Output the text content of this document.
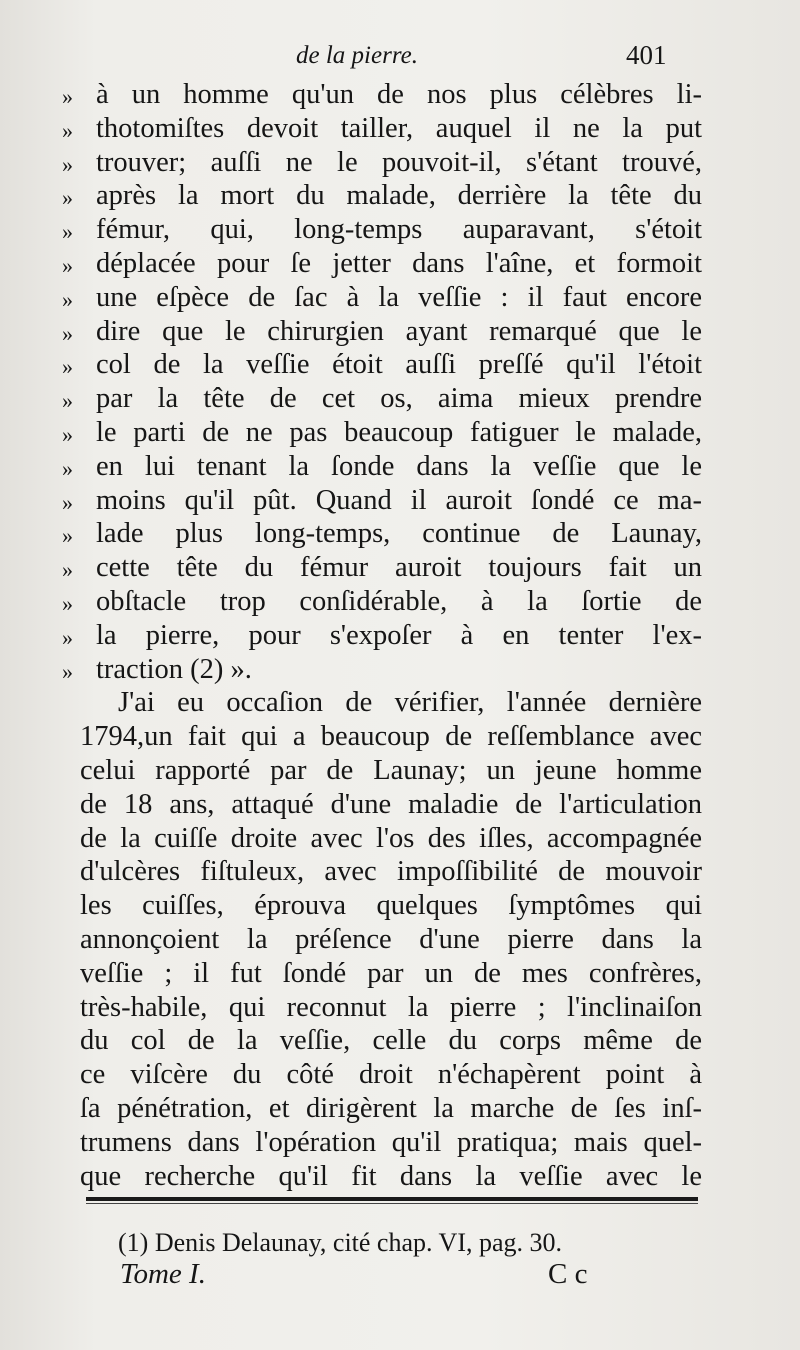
de la pierre.	401
» à un homme qu'un de nos plus célèbres li-
» thotomiſtes devoit tailler, auquel il ne la put
» trouver; auſſi ne le pouvoit-il, s'étant trouvé,
» après la mort du malade, derrière la tête du
» fémur, qui, long-temps auparavant, s'étoit
» déplacée pour ſe jetter dans l'aîne, et formoit
» une eſpèce de ſac à la veſſie : il faut encore
» dire que le chirurgien ayant remarqué que le
» col de la veſſie étoit auſſi preſſé qu'il l'étoit
» par la tête de cet os, aima mieux prendre
» le parti de ne pas beaucoup fatiguer le malade,
» en lui tenant la ſonde dans la veſſie que le
» moins qu'il pût. Quand il auroit ſondé ce ma-
» lade plus long-temps, continue de Launay,
» cette tête du fémur auroit toujours fait un
» obſtacle trop conſidérable, à la ſortie de
» la pierre, pour s'expoſer à en tenter l'ex-
» traction (2) ».
J'ai eu occaſion de vérifier, l'année dernière
1794,un fait qui a beaucoup de reſſemblance avec
celui rapporté par de Launay; un jeune homme
de 18 ans, attaqué d'une maladie de l'articulation
de la cuiſſe droite avec l'os des iſles, accompagnée
d'ulcères fiſtuleux, avec impoſſibilité de mouvoir
les cuiſſes, éprouva quelques ſymptômes qui
annonçoient la préſence d'une pierre dans la
veſſie ; il fut ſondé par un de mes confrères,
très-habile, qui reconnut la pierre ; l'inclinaiſon
du col de la veſſie, celle du corps même de
ce viſcère du côté droit n'échapèrent point à
ſa pénétration, et dirigèrent la marche de ſes inſ-
trumens dans l'opération qu'il pratiqua; mais quel-
que recherche qu'il fit dans la veſſie avec le
(1) Denis Delaunay, cité chap. VI, pag. 30.
Tome I.	C c
